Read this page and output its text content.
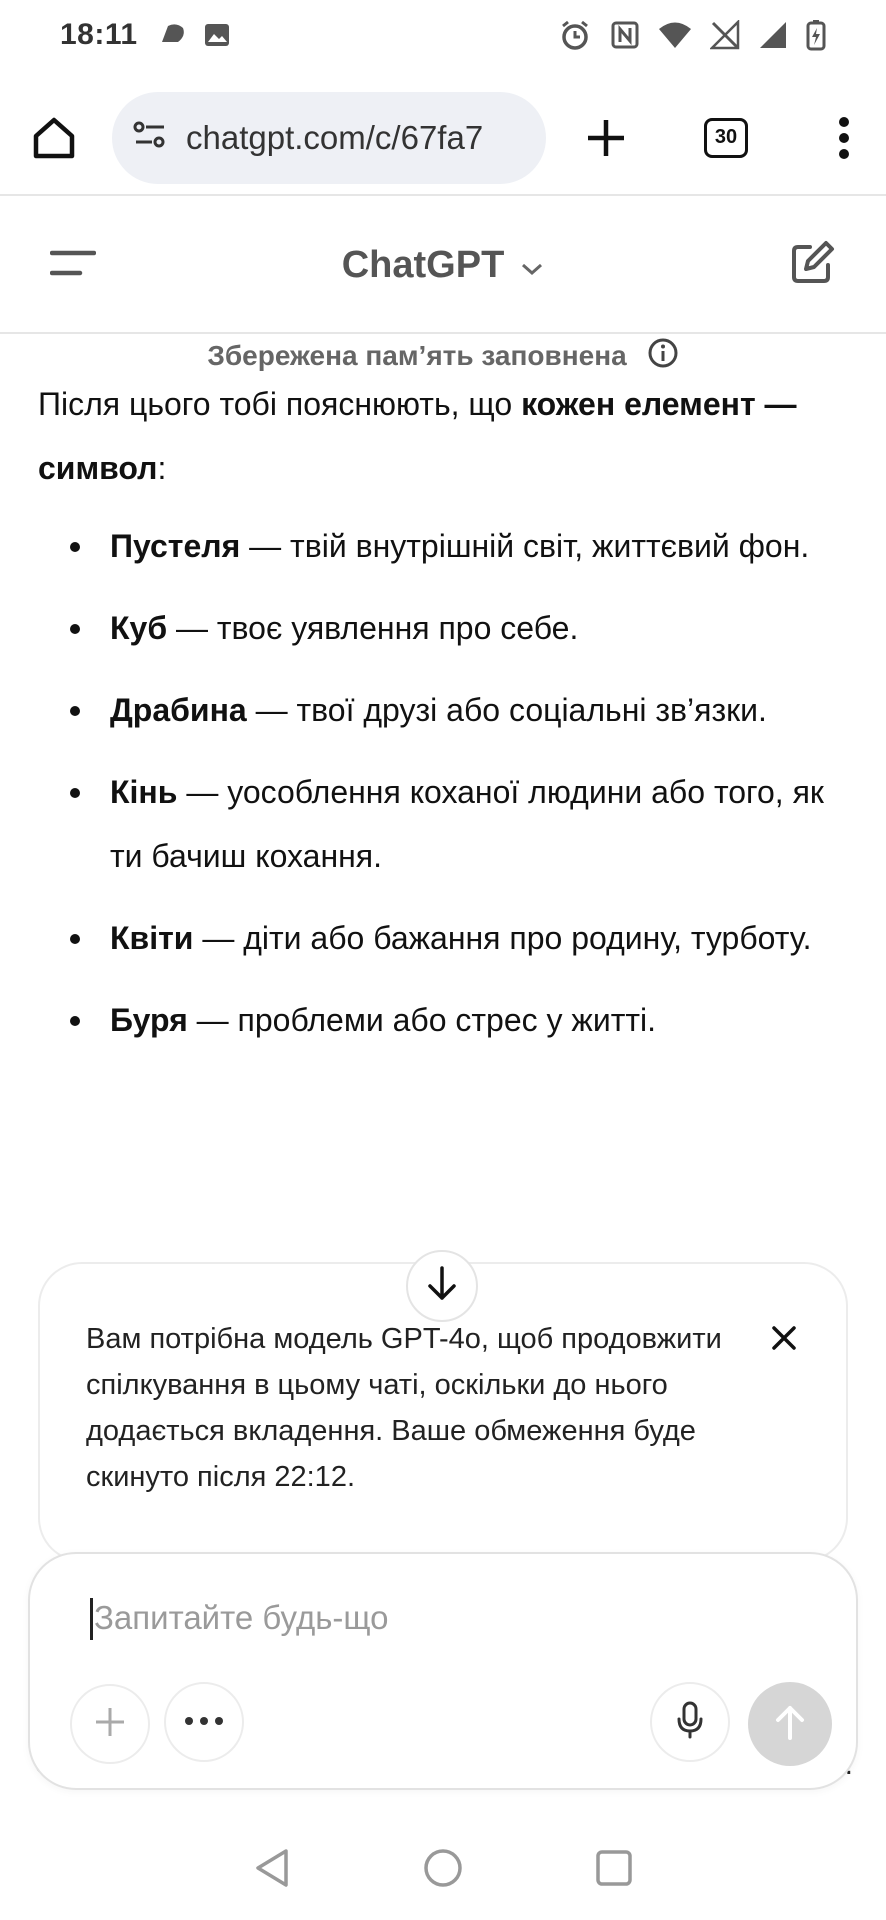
18:11
chatgpt.com/c/67fa7	30
ChatGPT
Збережена пам’ять заповнена

Після цього тобі пояснюють, що кожен елемент — символ:

Пустеля — твій внутрішній світ, життєвий фон.
Куб — твоє уявлення про себе.
Драбина — твої друзі або соціальні зв’язки.
Кінь — уособлення коханої людини або того, як ти бачиш кохання.
Квіти — діти або бажання про родину, турботу.
Буря — проблеми або стрес у житті.

Вам потрібна модель GPT-4o, щоб продовжити спілкування в цьому чаті, оскільки до нього додається вкладення. Ваше обмеження буде скинуто після 22:12.

Запитайте будь-що
